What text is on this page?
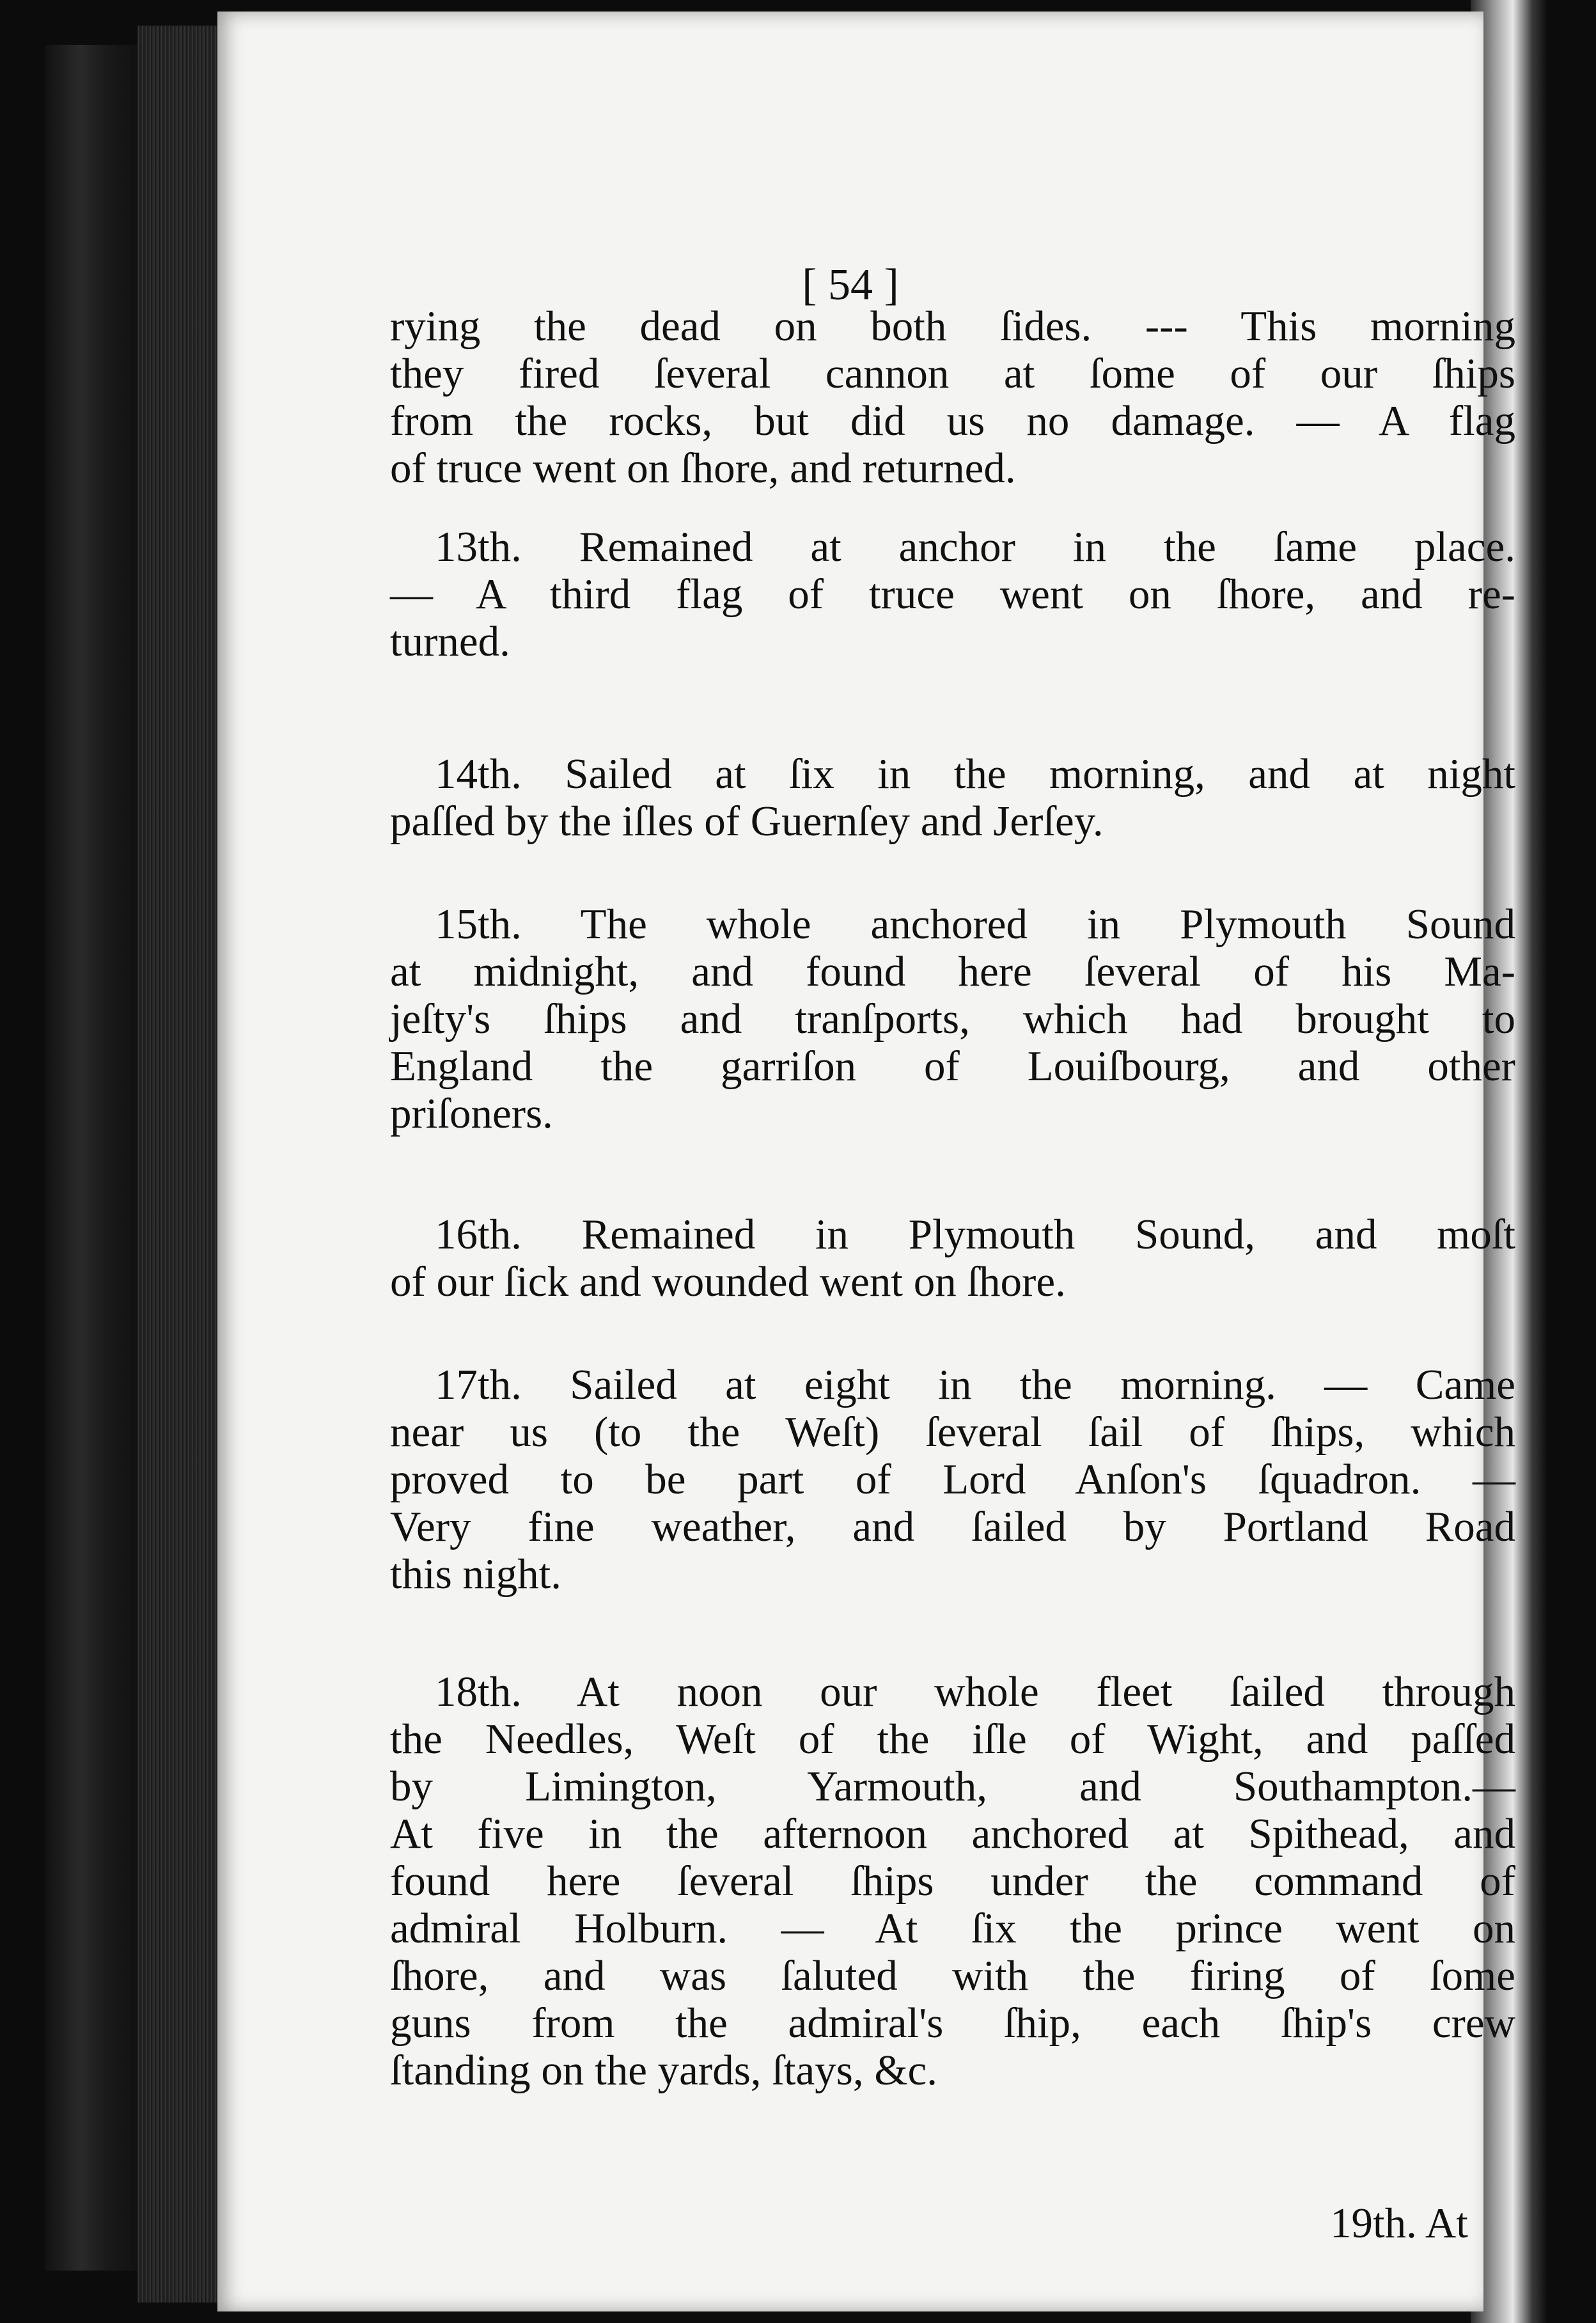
[ 54 ]
rying the dead on both ſides. --- This morning
they fired ſeveral cannon at ſome of our ſhips
from the rocks, but did us no damage. — A flag
of truce went on ſhore, and returned.
13th. Remained at anchor in the ſame place.
— A third flag of truce went on ſhore, and re-
turned.
14th. Sailed at ſix in the morning, and at night
paſſed by the iſles of Guernſey and Jerſey.
15th. The whole anchored in Plymouth Sound
at midnight, and found here ſeveral of his Ma-
jeſty's ſhips and tranſports, which had brought to
England the garriſon of Louiſbourg, and other
priſoners.
16th. Remained in Plymouth Sound, and moſt
of our ſick and wounded went on ſhore.
17th. Sailed at eight in the morning. — Came
near us (to the Weſt) ſeveral ſail of ſhips, which
proved to be part of Lord Anſon's ſquadron. —
Very fine weather, and ſailed by Portland Road
this night.
18th. At noon our whole fleet ſailed through
the Needles, Weſt of the iſle of Wight, and paſſed
by Limington, Yarmouth, and Southampton.—
At five in the afternoon anchored at Spithead, and
found here ſeveral ſhips under the command of
admiral Holburn. — At ſix the prince went on
ſhore, and was ſaluted with the firing of ſome
guns from the admiral's ſhip, each ſhip's crew
ſtanding on the yards, ſtays, &c.
19th. At
